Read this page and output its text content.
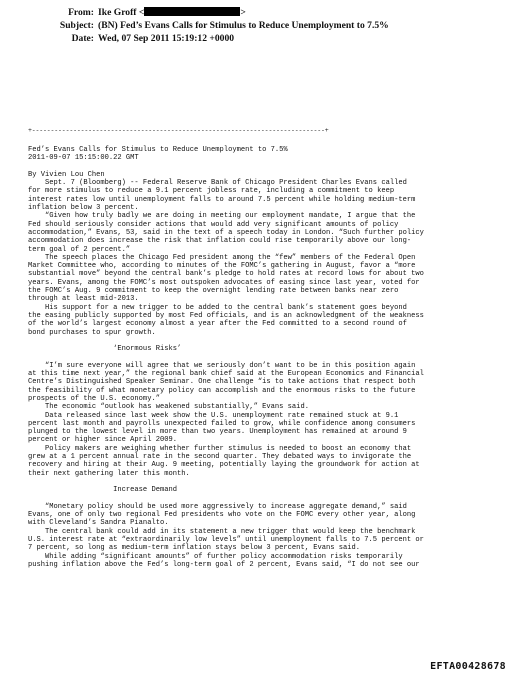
From: Ike Groff <	>
Subject: (BN) Fed’s Evans Calls for Stimulus to Reduce Unemployment to 7.5%
Date: Wed, 07 Sep 2011 15:19:12 +0000
+------------------------------------------------------------------------------+
Fed’s Evans Calls for Stimulus to Reduce Unemployment to 7.5%
2011-09-07 15:15:00.22 GMT
By Vivien Lou Chen
Sept. 7 (Bloomberg) -- Federal Reserve Bank of Chicago President Charles Evans called
for more stimulus to reduce a 9.1 percent jobless rate, including a commitment to keep
interest rates low until unemployment falls to around 7.5 percent while holding medium-term
inflation below 3 percent.
“Given how truly badly we are doing in meeting our employment mandate, I argue that the
Fed should seriously consider actions that would add very significant amounts of policy
accommodation,” Evans, 53, said in the text of a speech today in London. “Such further policy
accommodation does increase the risk that inflation could rise temporarily above our long-
term goal of 2 percent.”
The speech places the Chicago Fed president among the “few” members of the Federal Open
Market Committee who, according to minutes of the FOMC’s gathering in August, favor a “more
substantial move” beyond the central bank’s pledge to hold rates at record lows for about two
years. Evans, among the FOMC’s most outspoken advocates of easing since last year, voted for
the FOMC’s Aug. 9 commitment to keep the overnight lending rate between banks near zero
through at least mid-2013.
His support for a new trigger to be added to the central bank’s statement goes beyond
the easing publicly supported by most Fed officials, and is an acknowledgment of the weakness
of the world’s largest economy almost a year after the Fed committed to a second round of
bond purchases to spur growth.
‘Enormous Risks’
“I’m sure everyone will agree that we seriously don’t want to be in this position again
at this time next year,” the regional bank chief said at the European Economics and Financial
Centre’s Distinguished Speaker Seminar. One challenge “is to take actions that respect both
the feasibility of what monetary policy can accomplish and the enormous risks to the future
prospects of the U.S. economy.”
The economic “outlook has weakened substantially,” Evans said.
Data released since last week show the U.S. unemployment rate remained stuck at 9.1
percent last month and payrolls unexpected failed to grow, while confidence among consumers
plunged to the lowest level in more than two years. Unemployment has remained at around 9
percent or higher since April 2009.
Policy makers are weighing whether further stimulus is needed to boost an economy that
grew at a 1 percent annual rate in the second quarter. They debated ways to invigorate the
recovery and hiring at their Aug. 9 meeting, potentially laying the groundwork for action at
their next gathering later this month.
Increase Demand
“Monetary policy should be used more aggressively to increase aggregate demand,” said
Evans, one of only two regional Fed presidents who vote on the FOMC every other year, along
with Cleveland’s Sandra Pianalto.
The central bank could add in its statement a new trigger that would keep the benchmark
U.S. interest rate at “extraordinarily low levels” until unemployment falls to 7.5 percent or
7 percent, so long as medium-term inflation stays below 3 percent, Evans said.
While adding “significant amounts” of further policy accommodation risks temporarily
pushing inflation above the Fed’s long-term goal of 2 percent, Evans said, “I do not see our
EFTA00428678
